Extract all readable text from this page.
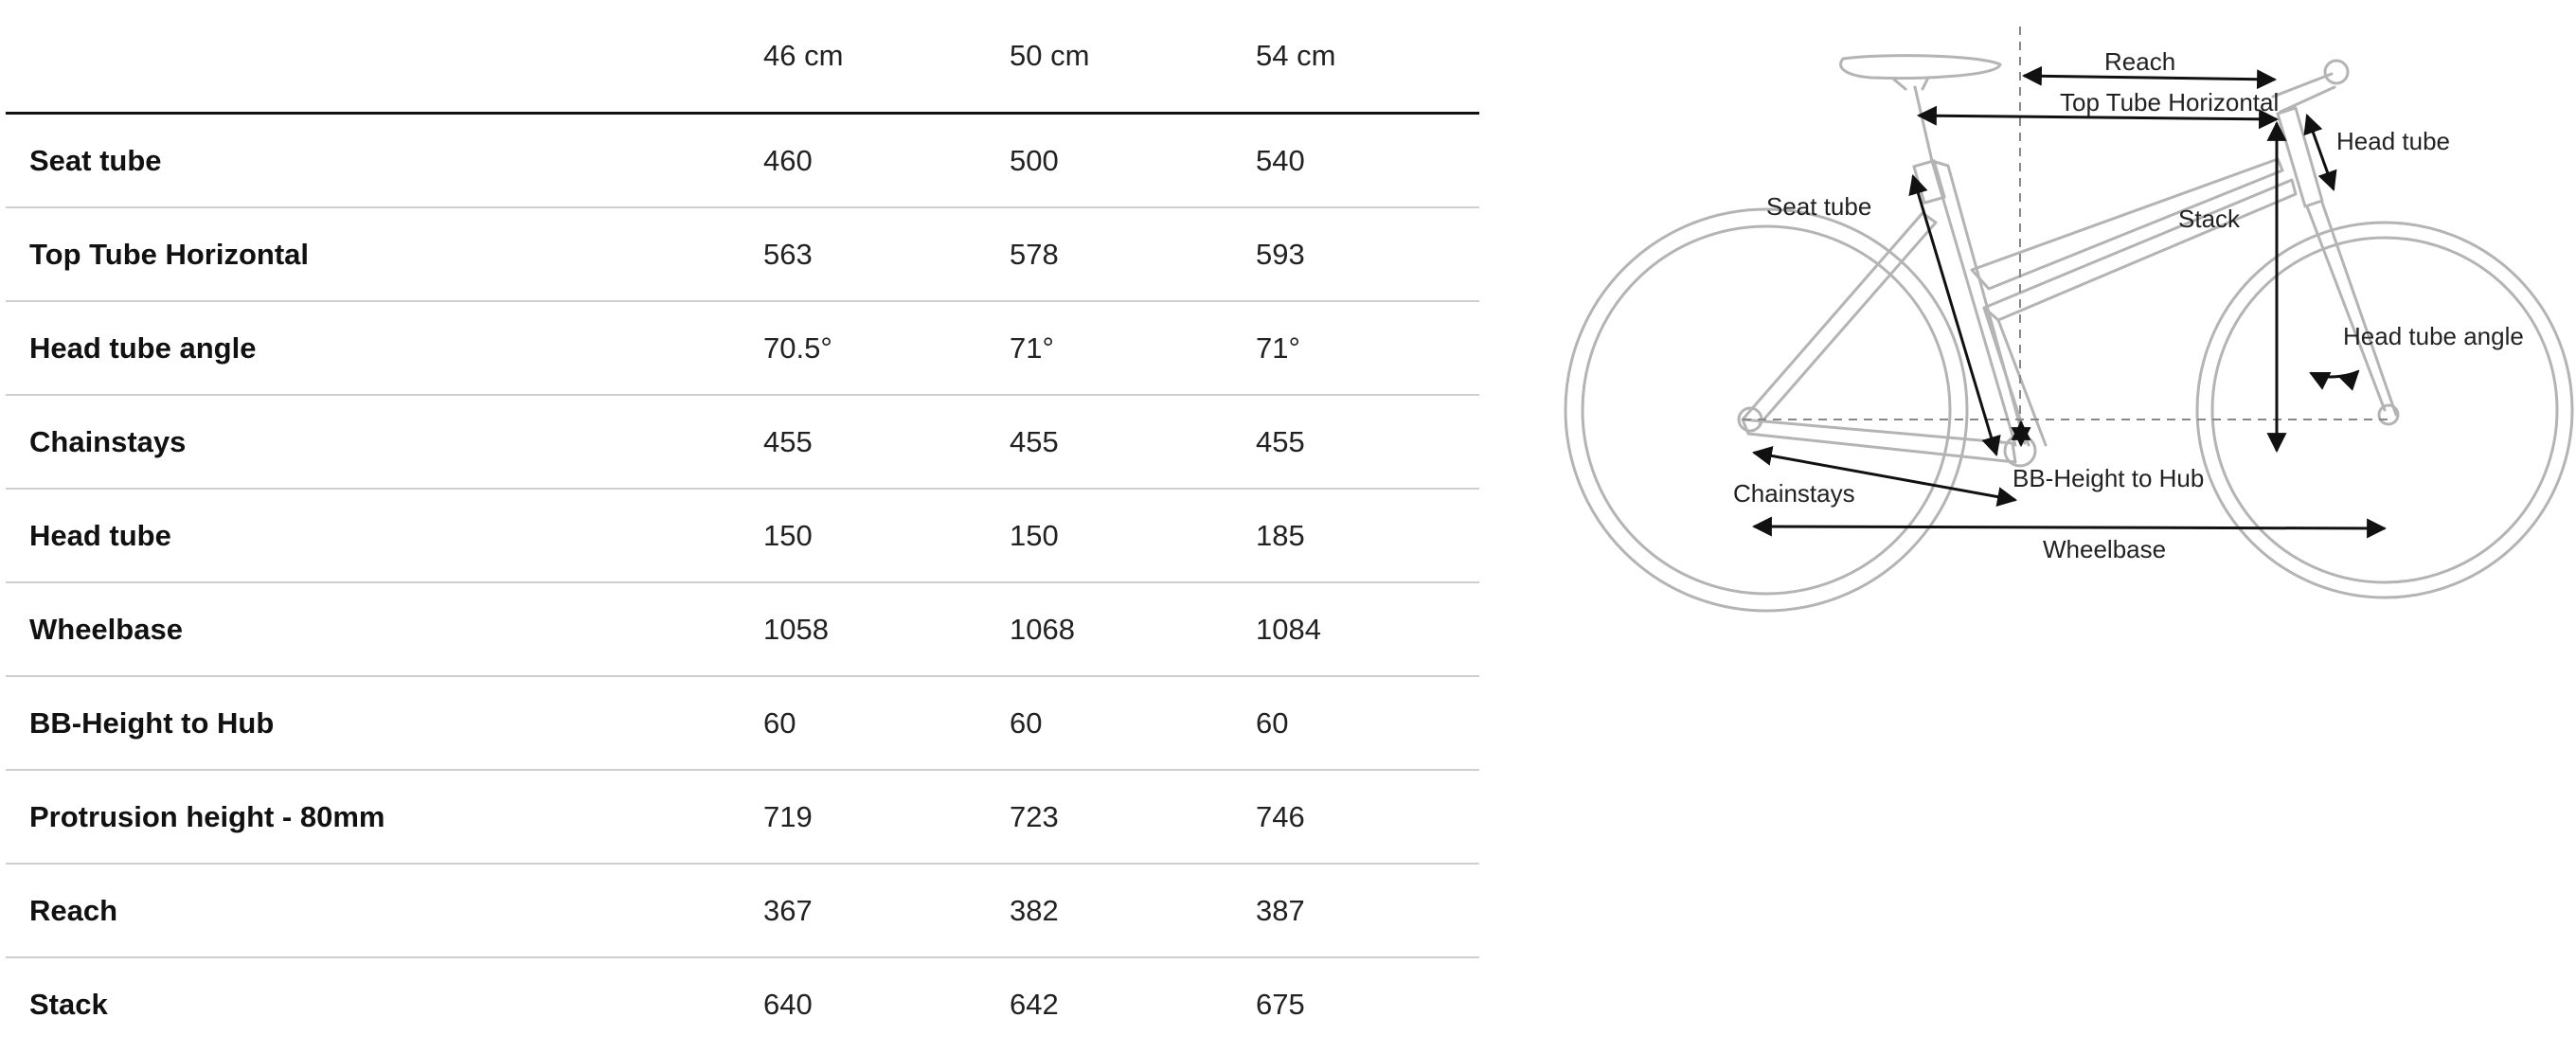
	46 cm	50 cm	54 cm
Seat tube	460	500	540
Top Tube Horizontal	563	578	593
Head tube angle	70.5°	71°	71°
Chainstays	455	455	455
Head tube	150	150	185
Wheelbase	1058	1068	1084
BB-Height to Hub	60	60	60
Protrusion height - 80mm	719	723	746
Reach	367	382	387
Stack	640	642	675
Reach
Top Tube Horizontal
Head tube
Seat tube	Stack
Head tube angle
BB-Height to Hub
Chainstays
Wheelbase
